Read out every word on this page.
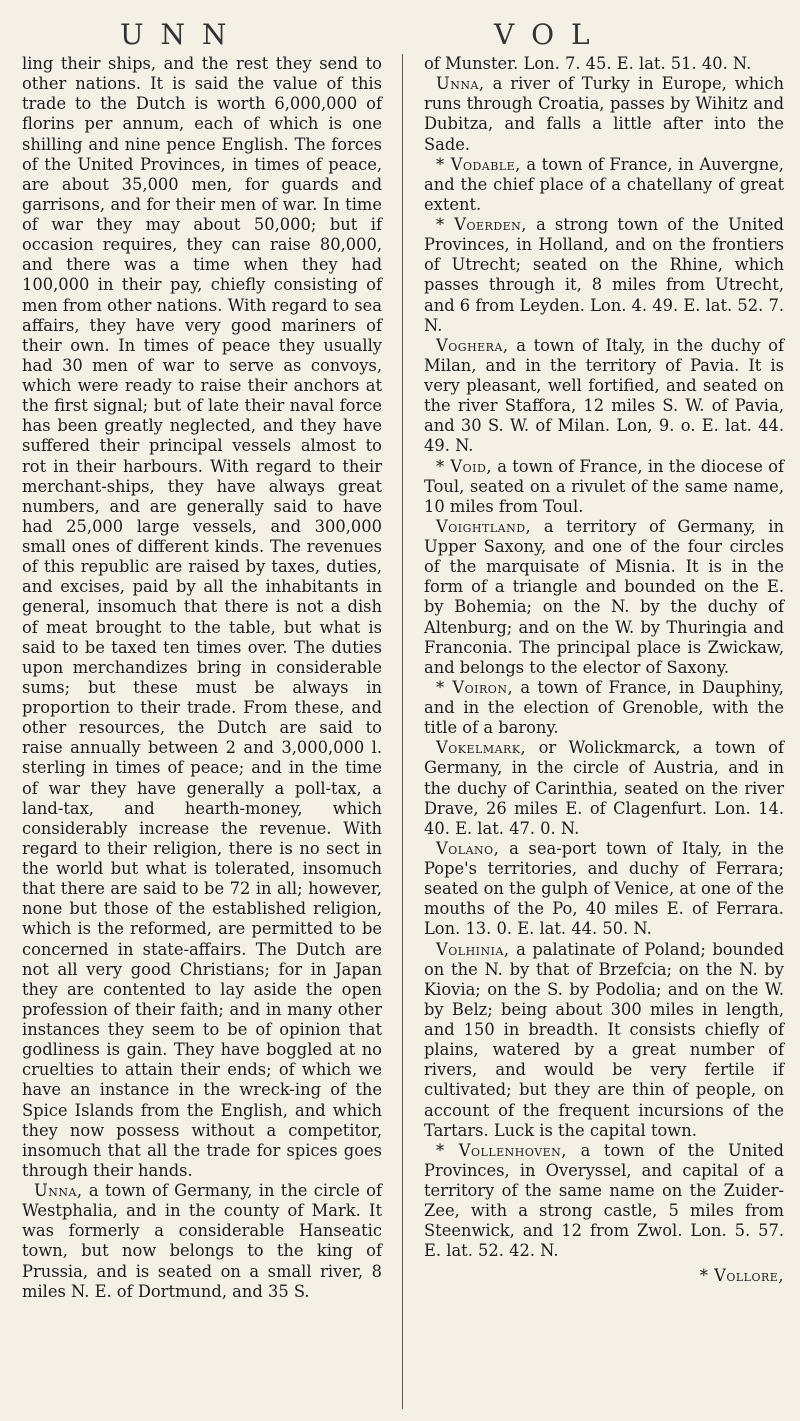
U N N	V O L

ling their ships, and the rest they send to other nations. It is said the value of this trade to the Dutch is worth 6,000,000 of florins per annum, each of which is one shilling and nine pence English. The forces of the United Provinces, in times of peace, are about 35,000 men, for guards and garrisons, and for their men of war. In time of war they may about 50,000; but if occasion requires, they can raise 80,000, and there was a time when they had 100,000 in their pay, chiefly consisting of men from other nations. With regard to sea affairs, they have very good mariners of their own. In times of peace they usually had 30 men of war to serve as convoys, which were ready to raise their anchors at the first signal; but of late their naval force has been greatly neglected, and they have suffered their principal vessels almost to rot in their harbours. With regard to their merchant-ships, they have always great numbers, and are generally said to have had 25,000 large vessels, and 300,000 small ones of different kinds. The revenues of this republic are raised by taxes, duties, and excises, paid by all the inhabitants in general, insomuch that there is not a dish of meat brought to the table, but what is said to be taxed ten times over. The duties upon merchandizes bring in considerable sums; but these must be always in proportion to their trade. From these, and other resources, the Dutch are said to raise annually between 2 and 3,000,000 l. sterling in times of peace; and in the time of war they have generally a poll-tax, a land-tax, and hearth-money, which considerably increase the revenue. With regard to their religion, there is no sect in the world but what is tolerated, insomuch that there are said to be 72 in all; however, none but those of the established religion, which is the reformed, are permitted to be concerned in state-affairs. The Dutch are not all very good Christians; for in Japan they are contented to lay aside the open profession of their faith; and in many other instances they seem to be of opinion that godliness is gain. They have boggled at no cruelties to attain their ends; of which we have an instance in the wreck-ing of the Spice Islands from the English, and which they now possess without a competitor, insomuch that all the trade for spices goes through their hands.

Unna, a town of Germany, in the circle of Westphalia, and in the county of Mark. It was formerly a considerable Hanseatic town, but now belongs to the king of Prussia, and is seated on a small river, 8 miles N. E. of Dortmund, and 35 S.

of Munster. Lon. 7. 45. E. lat. 51. 40. N.

Unna, a river of Turky in Europe, which runs through Croatia, passes by Wihitz and Dubitza, and falls a little after into the Sade.

* Vodable, a town of France, in Auvergne, and the chief place of a chatellany of great extent.

* Voerden, a strong town of the United Provinces, in Holland, and on the frontiers of Utrecht; seated on the Rhine, which passes through it, 8 miles from Utrecht, and 6 from Leyden. Lon. 4. 49. E. lat. 52. 7. N.

Voghera, a town of Italy, in the duchy of Milan, and in the territory of Pavia. It is very pleasant, well fortified, and seated on the river Staffora, 12 miles S. W. of Pavia, and 30 S. W. of Milan. Lon, 9. o. E. lat. 44. 49. N.

* Void, a town of France, in the diocese of Toul, seated on a rivulet of the same name, 10 miles from Toul.

Voightland, a territory of Germany, in Upper Saxony, and one of the four circles of the marquisate of Misnia. It is in the form of a triangle and bounded on the E. by Bohemia; on the N. by the duchy of Altenburg; and on the W. by Thuringia and Franconia. The principal place is Zwickaw, and belongs to the elector of Saxony.

* Voiron, a town of France, in Dauphiny, and in the election of Grenoble, with the title of a barony.

Vokelmark, or Wolickmarck, a town of Germany, in the circle of Austria, and in the duchy of Carinthia, seated on the river Drave, 26 miles E. of Clagenfurt. Lon. 14. 40. E. lat. 47. 0. N.

Volano, a sea-port town of Italy, in the Pope's territories, and duchy of Ferrara; seated on the gulph of Venice, at one of the mouths of the Po, 40 miles E. of Ferrara. Lon. 13. 0. E. lat. 44. 50. N.

Volhinia, a palatinate of Poland; bounded on the N. by that of Brzefcia; on the N. by Kiovia; on the S. by Podolia; and on the W. by Belz; being about 300 miles in length, and 150 in breadth. It consists chiefly of plains, watered by a great number of rivers, and would be very fertile if cultivated; but they are thin of people, on account of the frequent incursions of the Tartars. Luck is the capital town.

* Vollenhoven, a town of the United Provinces, in Overyssel, and capital of a territory of the same name on the Zuider-Zee, with a strong castle, 5 miles from Steenwick, and 12 from Zwol. Lon. 5. 57. E. lat. 52. 42. N.

* Vollore,
